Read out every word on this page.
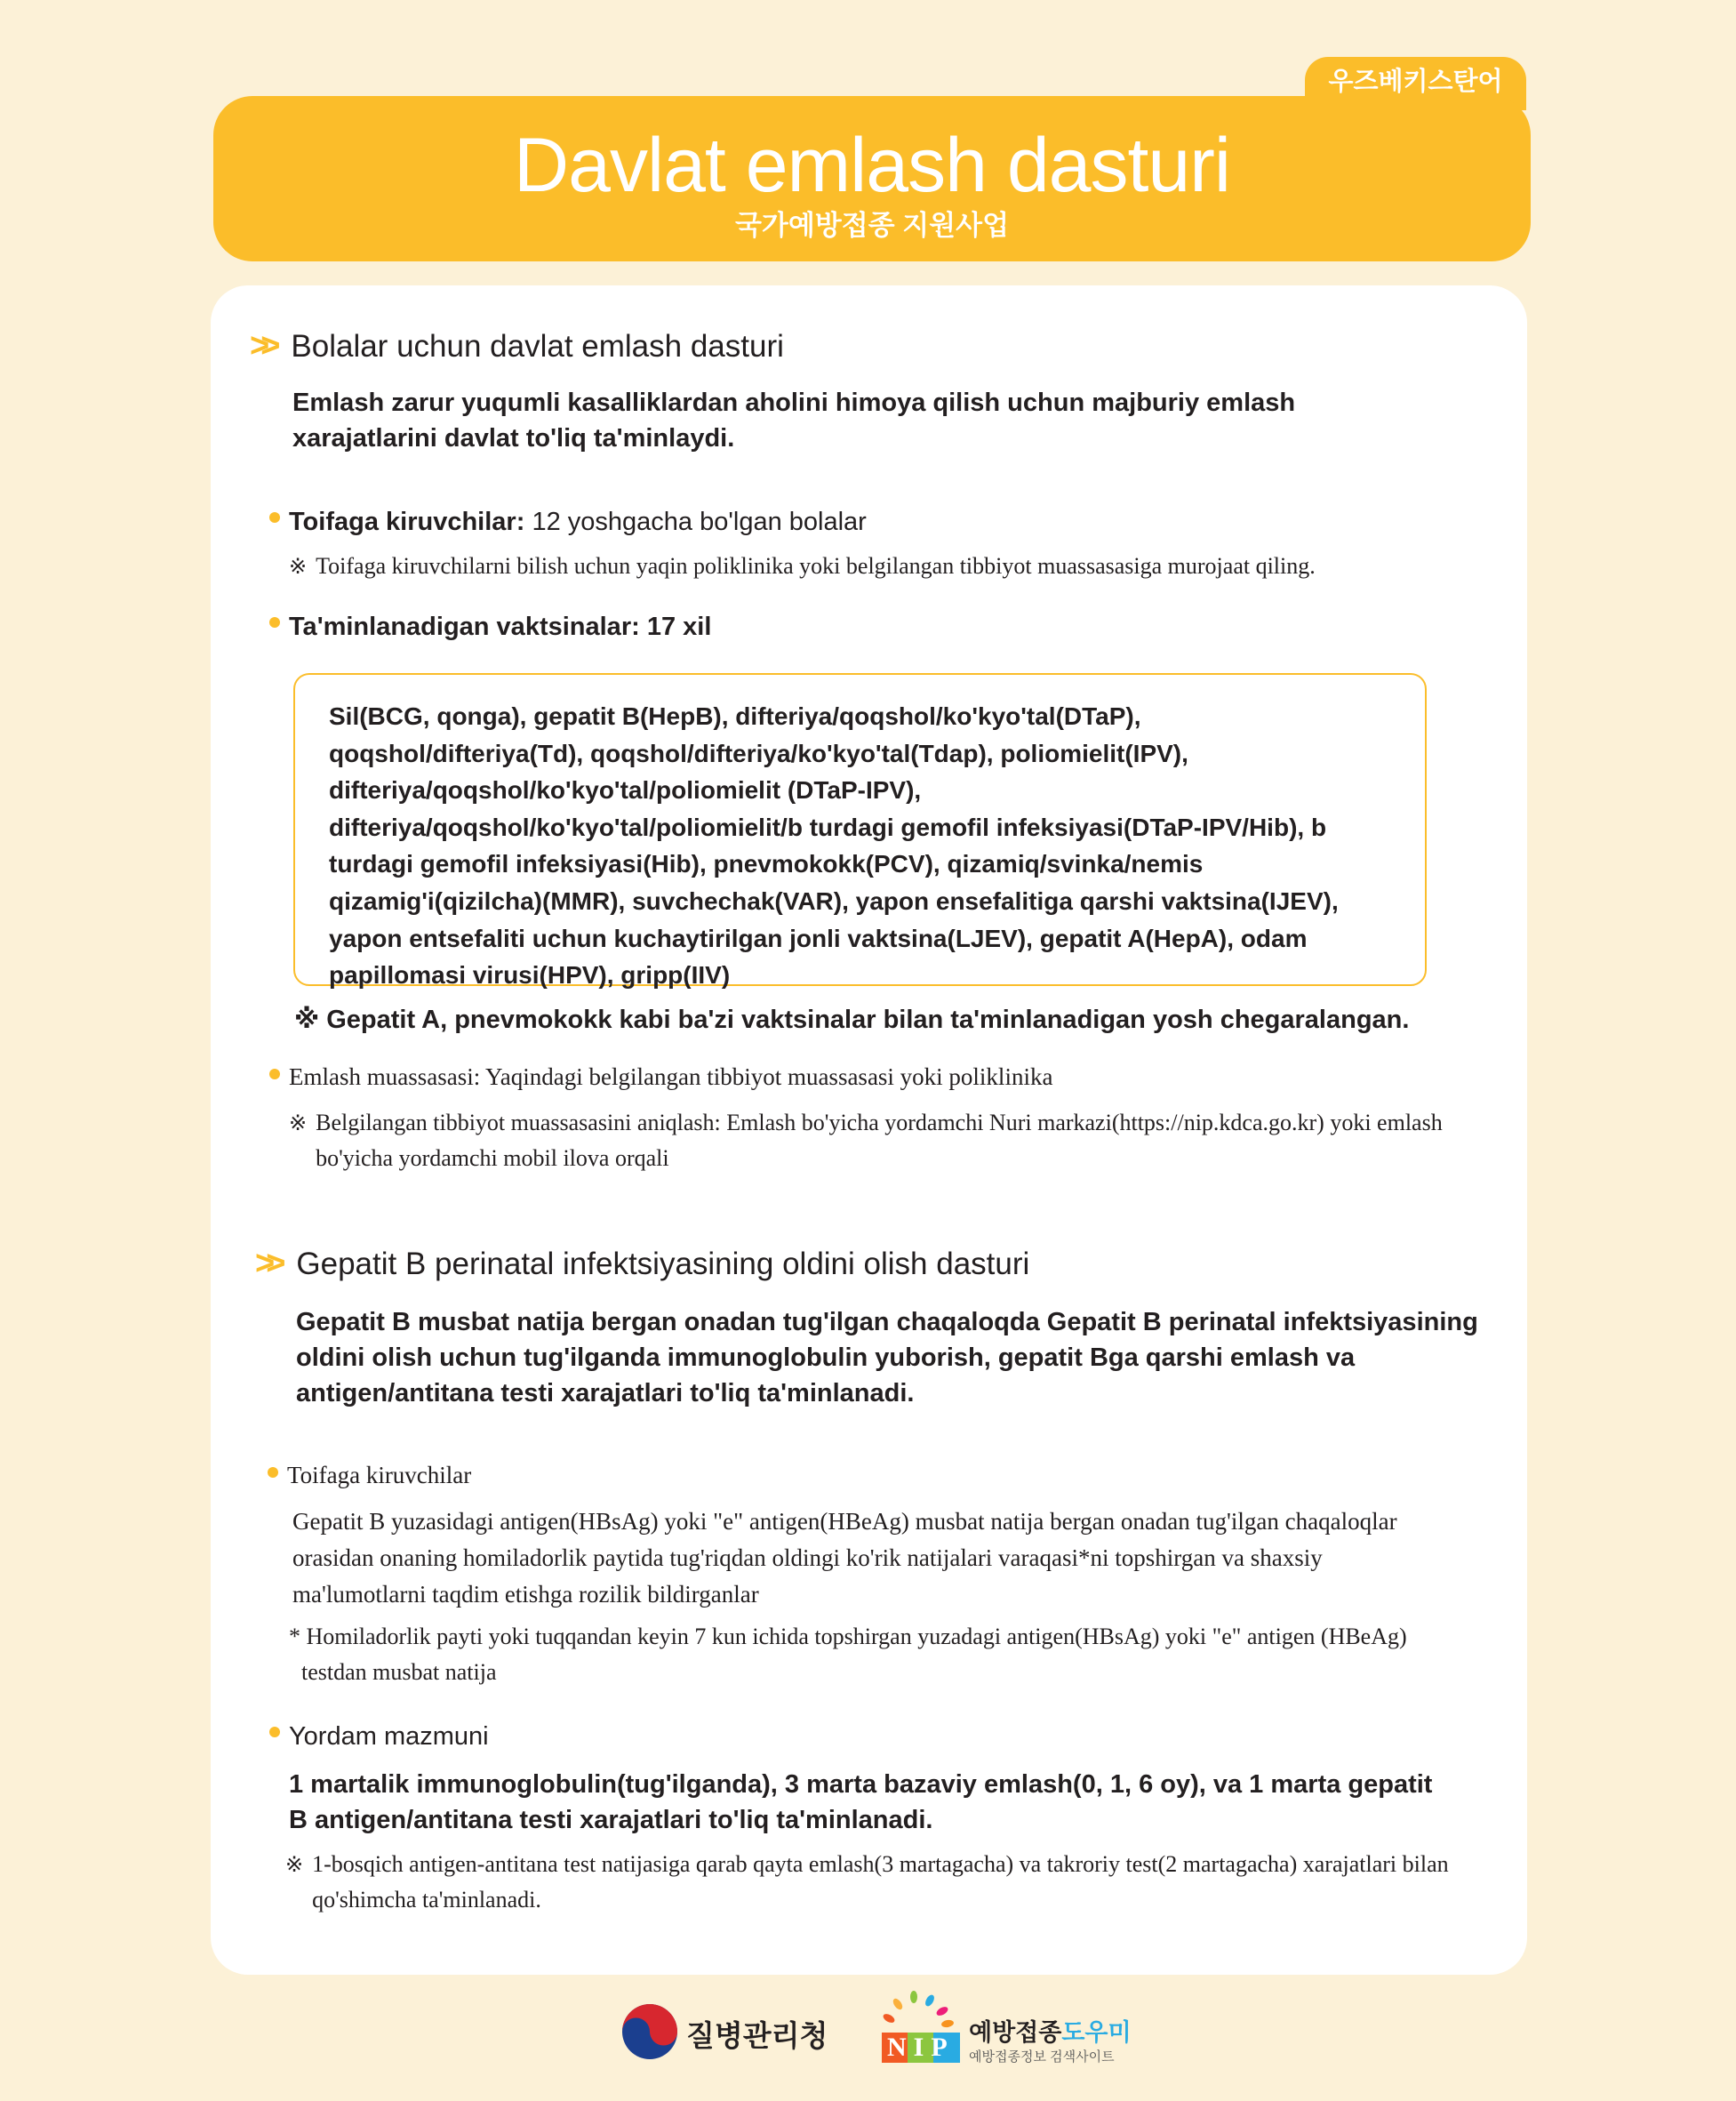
우즈베키스탄어
Davlat emlash dasturi
국가예방접종 지원사업
>> Bolalar uchun davlat emlash dasturi
Emlash zarur yuqumli kasalliklardan aholini himoya qilish uchun majburiy emlash xarajatlarini davlat to'liq ta'minlaydi.
Toifaga kiruvchilar: 12 yoshgacha bo'lgan bolalar
※ Toifaga kiruvchilarni bilish uchun yaqin poliklinika yoki belgilangan tibbiyot muassasasiga murojaat qiling.
Ta'minlanadigan vaktsinalar: 17 xil
Sil(BCG, qonga), gepatit B(HepB), difteriya/qoqshol/ko'kyo'tal(DTaP), qoqshol/difteriya(Td), qoqshol/difteriya/ko'kyo'tal(Tdap), poliomielit(IPV), difteriya/qoqshol/ko'kyo'tal/poliomielit (DTaP-IPV), difteriya/qoqshol/ko'kyo'tal/poliomielit/b turdagi gemofil infeksiyasi(DTaP-IPV/Hib), b turdagi gemofil infeksiyasi(Hib), pnevmokokk(PCV), qizamiq/svinka/nemis qizamig'i(qizilcha)(MMR), suvchechak(VAR), yapon ensefalitiga qarshi vaktsina(IJEV), yapon entsefaliti uchun kuchaytirilgan jonli vaktsina(LJEV), gepatit A(HepA), odam papillomasi virusi(HPV), gripp(IIV)
※ Gepatit A, pnevmokokk kabi ba'zi vaktsinalar bilan ta'minlanadigan yosh chegaralangan.
Emlash muassasasi: Yaqindagi belgilangan tibbiyot muassasasi yoki poliklinika
※ Belgilangan tibbiyot muassasasini aniqlash: Emlash bo'yicha yordamchi Nuri markazi(https://nip.kdca.go.kr) yoki emlash bo'yicha yordamchi mobil ilova orqali
>> Gepatit B perinatal infektsiyasining oldini olish dasturi
Gepatit B musbat natija bergan onadan tug'ilgan chaqaloqda Gepatit B perinatal infektsiyasining oldini olish uchun tug'ilganda immunoglobulin yuborish, gepatit Bga qarshi emlash va antigen/antitana testi xarajatlari to'liq ta'minlanadi.
Toifaga kiruvchilar
Gepatit B yuzasidagi antigen(HBsAg) yoki "e" antigen(HBeAg) musbat natija bergan onadan tug'ilgan chaqaloqlar orasidan onaning homiladorlik paytida tug'riqdan oldingi ko'rik natijalari varaqasi*ni topshirgan va shaxsiy ma'lumotlarni taqdim etishga rozilik bildirganlar
* Homiladorlik payti yoki tuqqandan keyin 7 kun ichida topshirgan yuzadagi antigen(HBsAg) yoki "e" antigen (HBeAg) testdan musbat natija
Yordam mazmuni
1 martalik immunoglobulin(tug'ilganda), 3 marta bazaviy emlash(0, 1, 6 oy), va 1 marta gepatit B antigen/antitana testi xarajatlari to'liq ta'minlanadi.
※ 1-bosqich antigen-antitana test natijasiga qarab qayta emlash(3 martagacha) va takroriy test(2 martagacha) xarajatlari bilan qo'shimcha ta'minlanadi.
질병관리청 NIP 예방접종도우미
예방접종정보 검색사이트
